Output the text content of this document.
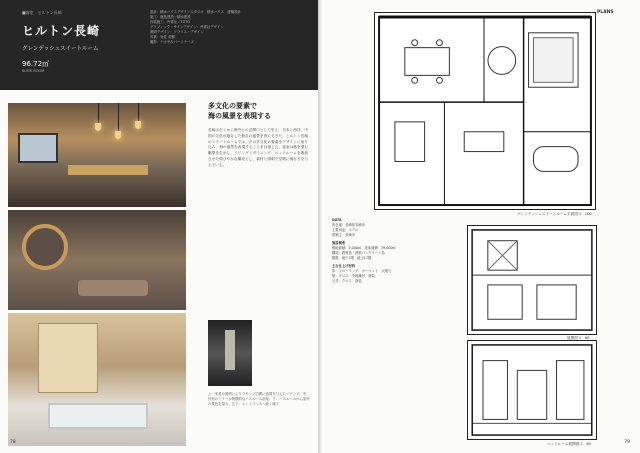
■客室　ヒルトン長崎
ヒルトン長崎
グレンデッシュスイートルーム
96.72㎡
SUITE ROOM
設計：積水ハウスデザインスタジオ　積水ハウス　建築設計
施工：鹿島建設／積水建設
内装施工：丹青社／TOTO
グラフィック・サインデザイン：丹青社デザイン
照明デザイン：ソラリス・デザイン
写真：岩佐 英樹
撮影：ナカサ＆パートナーズ
多文化の要素で
海の風景を表現する
長崎は古くから海外との玄関口として栄え、日本と西洋、中国の文化が融合した独自の風景を育んできた。ヒルトン長崎のスイートルームでは、その多文化の要素をデザインに取り込み、海の風景を表現することを目指した。客室は港を望む眺望を生かし、リビングとダイニング、ベッドルームを連続させた伸びやかな構成とし、素材と照明で空間に奥行きを与えている。
上：家具や照明によりラウンジ空間に表情を与えたリビング。中：円形のミラーが特徴的なバスルーム前室。下：バスルームから窓外の景色を望む。左下：エントランスへ続く廊下
78
PLANS
グレンデッシュスイートルーム平面図 1：100
展開図 1：60
ベッドルーム展開図 1：60
DATA

所在地：長崎県長崎市
主要用途：ホテル
建築主：長崎市

施設概要

敷地面積：5,000㎡　延床面積：39,000㎡
構造：鉄骨造・鉄筋コンクリート造
階数：地下1階　地上17階

主な仕上げ材料

床：フローリング　カーペット　大理石
壁：クロス　突板練付　塗装
天井：クロス　塗装

79
